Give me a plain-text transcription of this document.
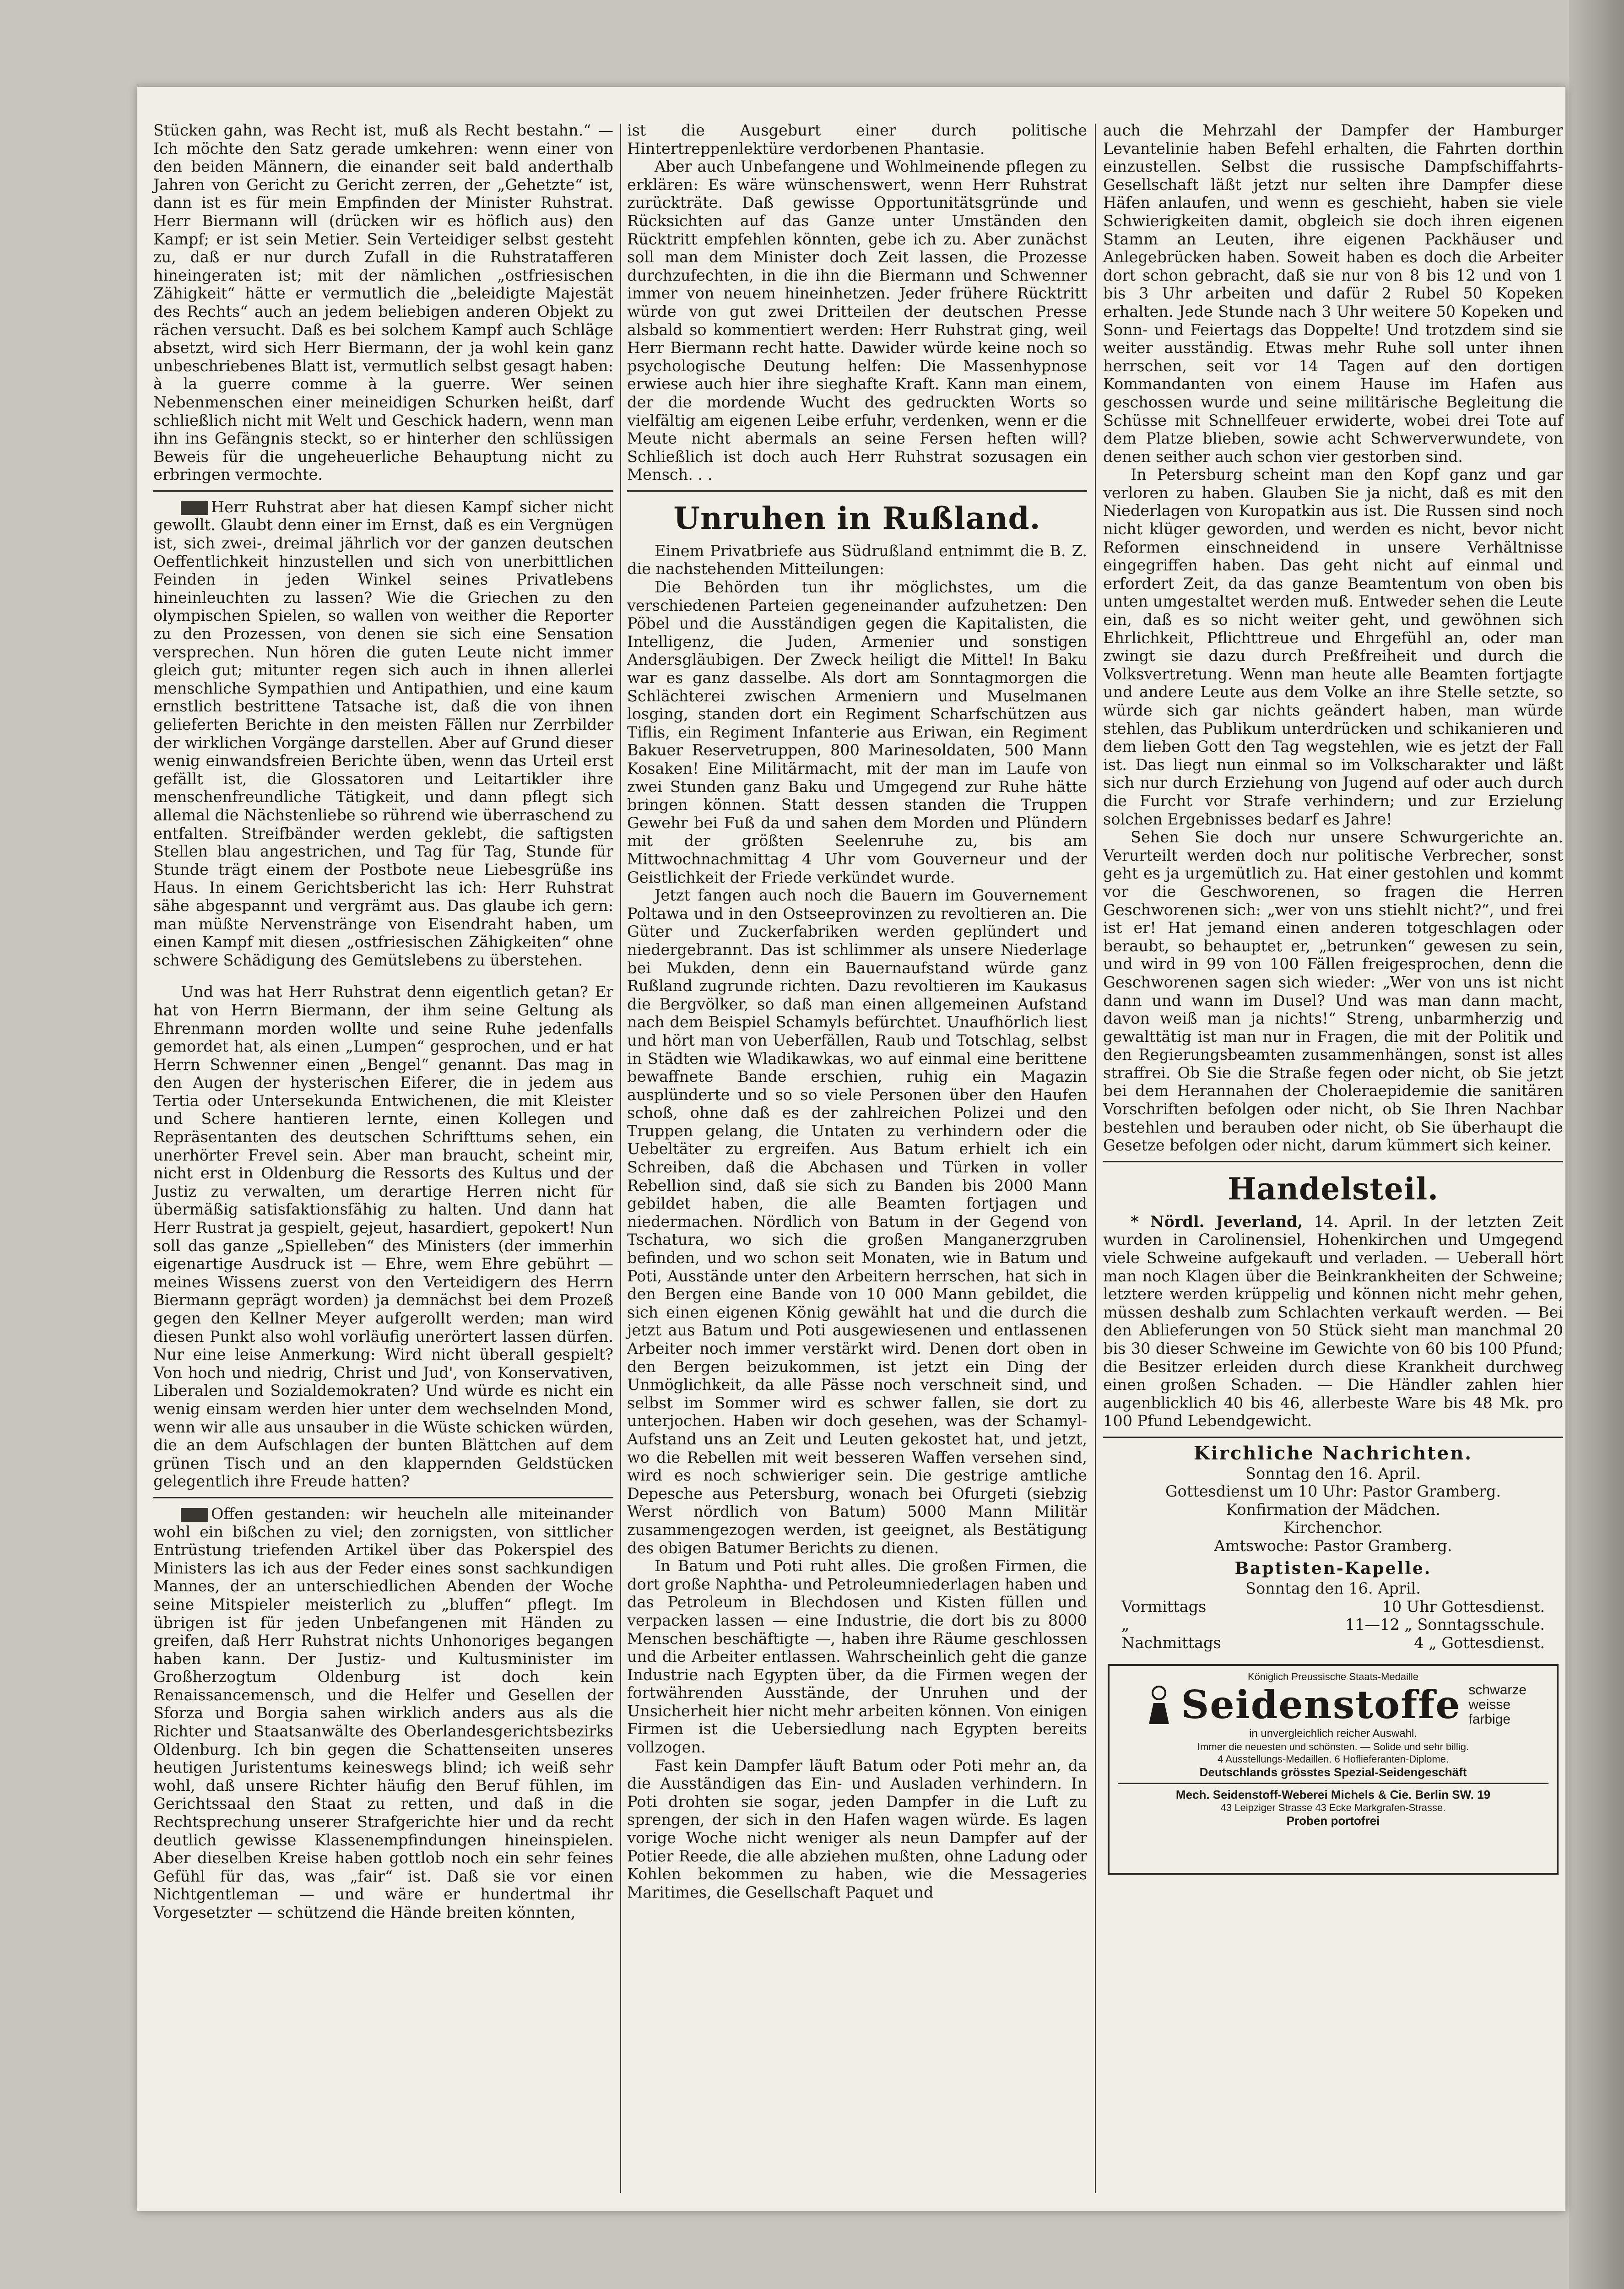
Stücken gahn, was Recht ist, muß als Recht bestahn.“ — Ich möchte den Satz gerade umkehren: wenn einer von den beiden Männern, die einander seit bald anderthalb Jahren von Gericht zu Gericht zerren, der „Gehetzte“ ist, dann ist es für mein Empfinden der Minister Ruhstrat. Herr Biermann will (drücken wir es höflich aus) den Kampf; er ist sein Metier. Sein Verteidiger selbst gesteht zu, daß er nur durch Zufall in die Ruhstratafferen hineingeraten ist; mit der nämlichen „ostfriesischen Zähigkeit“ hätte er vermutlich die „beleidigte Majestät des Rechts“ auch an jedem beliebigen anderen Objekt zu rächen versucht. Daß es bei solchem Kampf auch Schläge absetzt, wird sich Herr Biermann, der ja wohl kein ganz unbeschriebenes Blatt ist, vermutlich selbst gesagt haben: à la guerre comme à la guerre. Wer seinen Nebenmenschen einer meineidigen Schurken heißt, darf schließlich nicht mit Welt und Geschick hadern, wenn man ihn ins Gefängnis steckt, so er hinterher den schlüssigen Beweis für die ungeheuerliche Behauptung nicht zu erbringen vermochte.

Herr Ruhstrat aber hat diesen Kampf sicher nicht gewollt. Glaubt denn einer im Ernst, daß es ein Vergnügen ist, sich zwei-, dreimal jährlich vor der ganzen deutschen Oeffentlichkeit hinzustellen und sich von unerbittlichen Feinden in jeden Winkel seines Privatlebens hineinleuchten zu lassen? Wie die Griechen zu den olympischen Spielen, so wallen von weither die Reporter zu den Prozessen, von denen sie sich eine Sensation versprechen. Nun hören die guten Leute nicht immer gleich gut; mitunter regen sich auch in ihnen allerlei menschliche Sympathien und Antipathien, und eine kaum ernstlich bestrittene Tatsache ist, daß die von ihnen gelieferten Berichte in den meisten Fällen nur Zerrbilder der wirklichen Vorgänge darstellen. Aber auf Grund dieser wenig einwandsfreien Berichte üben, wenn das Urteil erst gefällt ist, die Glossatoren und Leitartikler ihre menschenfreundliche Tätigkeit, und dann pflegt sich allemal die Nächstenliebe so rührend wie überraschend zu entfalten. Streifbänder werden geklebt, die saftigsten Stellen blau angestrichen, und Tag für Tag, Stunde für Stunde trägt einem der Postbote neue Liebesgrüße ins Haus. In einem Gerichtsbericht las ich: Herr Ruhstrat sähe abgespannt und vergrämt aus. Das glaube ich gern: man müßte Nervenstränge von Eisendraht haben, um einen Kampf mit diesen „ostfriesischen Zähigkeiten“ ohne schwere Schädigung des Gemütslebens zu überstehen.

Und was hat Herr Ruhstrat denn eigentlich getan? Er hat von Herrn Biermann, der ihm seine Geltung als Ehrenmann morden wollte und seine Ruhe jedenfalls gemordet hat, als einen „Lumpen“ gesprochen, und er hat Herrn Schwenner einen „Bengel“ genannt. Das mag in den Augen der hysterischen Eiferer, die in jedem aus Tertia oder Untersekunda Entwichenen, die mit Kleister und Schere hantieren lernte, einen Kollegen und Repräsentanten des deutschen Schrifttums sehen, ein unerhörter Frevel sein. Aber man braucht, scheint mir, nicht erst in Oldenburg die Ressorts des Kultus und der Justiz zu verwalten, um derartige Herren nicht für übermäßig satisfaktionsfähig zu halten. Und dann hat Herr Rustrat ja gespielt, gejeut, hasardiert, gepokert! Nun soll das ganze „Spielleben“ des Ministers (der immerhin eigenartige Ausdruck ist — Ehre, wem Ehre gebührt — meines Wissens zuerst von den Verteidigern des Herrn Biermann geprägt worden) ja demnächst bei dem Prozeß gegen den Kellner Meyer aufgerollt werden; man wird diesen Punkt also wohl vorläufig unerörtert lassen dürfen. Nur eine leise Anmerkung: Wird nicht überall gespielt? Von hoch und niedrig, Christ und Jud', von Konservativen, Liberalen und Sozialdemokraten? Und würde es nicht ein wenig einsam werden hier unter dem wechselnden Mond, wenn wir alle aus unsauber in die Wüste schicken würden, die an dem Aufschlagen der bunten Blättchen auf dem grünen Tisch und an den klappernden Geldstücken gelegentlich ihre Freude hatten?

Offen gestanden: wir heucheln alle miteinander wohl ein bißchen zu viel; den zornigsten, von sittlicher Entrüstung triefenden Artikel über das Pokerspiel des Ministers las ich aus der Feder eines sonst sachkundigen Mannes, der an unterschiedlichen Abenden der Woche seine Mitspieler meisterlich zu „bluffen“ pflegt. Im übrigen ist für jeden Unbefangenen mit Händen zu greifen, daß Herr Ruhstrat nichts Unhonoriges begangen haben kann. Der Justiz- und Kultusminister im Großherzogtum Oldenburg ist doch kein Renaissancemensch, und die Helfer und Gesellen der Sforza und Borgia sahen wirklich anders aus als die Richter und Staatsanwälte des Oberlandesgerichtsbezirks Oldenburg. Ich bin gegen die Schattenseiten unseres heutigen Juristentums keineswegs blind; ich weiß sehr wohl, daß unsere Richter häufig den Beruf fühlen, im Gerichtssaal den Staat zu retten, und daß in die Rechtsprechung unserer Strafgerichte hier und da recht deutlich gewisse Klassenempfindungen hineinspielen. Aber dieselben Kreise haben gottlob noch ein sehr feines Gefühl für das, was „fair“ ist. Daß sie vor einen Nichtgentleman — und wäre er hundertmal ihr Vorgesetzter — schützend die Hände breiten könnten,

ist die Ausgeburt einer durch politische Hintertreppenlektüre verdorbenen Phantasie.

Aber auch Unbefangene und Wohlmeinende pflegen zu erklären: Es wäre wünschenswert, wenn Herr Ruhstrat zurückträte. Daß gewisse Opportunitätsgründe und Rücksichten auf das Ganze unter Umständen den Rücktritt empfehlen könnten, gebe ich zu. Aber zunächst soll man dem Minister doch Zeit lassen, die Prozesse durchzufechten, in die ihn die Biermann und Schwenner immer von neuem hineinhetzen. Jeder frühere Rücktritt würde von gut zwei Dritteilen der deutschen Presse alsbald so kommentiert werden: Herr Ruhstrat ging, weil Herr Biermann recht hatte. Dawider würde keine noch so psychologische Deutung helfen: Die Massenhypnose erwiese auch hier ihre sieghafte Kraft. Kann man einem, der die mordende Wucht des gedruckten Worts so vielfältig am eigenen Leibe erfuhr, verdenken, wenn er die Meute nicht abermals an seine Fersen heften will? Schließlich ist doch auch Herr Ruhstrat sozusagen ein Mensch. . .

Unruhen in Rußland.

Einem Privatbriefe aus Südrußland entnimmt die B. Z. die nachstehenden Mitteilungen:

Die Behörden tun ihr möglichstes, um die verschiedenen Parteien gegeneinander aufzuhetzen: Den Pöbel und die Ausständigen gegen die Kapitalisten, die Intelligenz, die Juden, Armenier und sonstigen Andersgläubigen. Der Zweck heiligt die Mittel! In Baku war es ganz dasselbe. Als dort am Sonntagmorgen die Schlächterei zwischen Armeniern und Muselmanen losging, standen dort ein Regiment Scharfschützen aus Tiflis, ein Regiment Infanterie aus Eriwan, ein Regiment Bakuer Reservetruppen, 800 Marinesoldaten, 500 Mann Kosaken! Eine Militärmacht, mit der man im Laufe von zwei Stunden ganz Baku und Umgegend zur Ruhe hätte bringen können. Statt dessen standen die Truppen Gewehr bei Fuß da und sahen dem Morden und Plündern mit der größten Seelenruhe zu, bis am Mittwochnachmittag 4 Uhr vom Gouverneur und der Geistlichkeit der Friede verkündet wurde.

Jetzt fangen auch noch die Bauern im Gouvernement Poltawa und in den Ostseeprovinzen zu revoltieren an. Die Güter und Zuckerfabriken werden geplündert und niedergebrannt. Das ist schlimmer als unsere Niederlage bei Mukden, denn ein Bauernaufstand würde ganz Rußland zugrunde richten. Dazu revoltieren im Kaukasus die Bergvölker, so daß man einen allgemeinen Aufstand nach dem Beispiel Schamyls befürchtet. Unaufhörlich liest und hört man von Ueberfällen, Raub und Totschlag, selbst in Städten wie Wladikawkas, wo auf einmal eine berittene bewaffnete Bande erschien, ruhig ein Magazin ausplünderte und so so viele Personen über den Haufen schoß, ohne daß es der zahlreichen Polizei und den Truppen gelang, die Untaten zu verhindern oder die Uebeltäter zu ergreifen. Aus Batum erhielt ich ein Schreiben, daß die Abchasen und Türken in voller Rebellion sind, daß sie sich zu Banden bis 2000 Mann gebildet haben, die alle Beamten fortjagen und niedermachen. Nördlich von Batum in der Gegend von Tschatura, wo sich die großen Manganerzgruben befinden, und wo schon seit Monaten, wie in Batum und Poti, Ausstände unter den Arbeitern herrschen, hat sich in den Bergen eine Bande von 10 000 Mann gebildet, die sich einen eigenen König gewählt hat und die durch die jetzt aus Batum und Poti ausgewiesenen und entlassenen Arbeiter noch immer verstärkt wird. Denen dort oben in den Bergen beizukommen, ist jetzt ein Ding der Unmöglichkeit, da alle Pässe noch verschneit sind, und selbst im Sommer wird es schwer fallen, sie dort zu unterjochen. Haben wir doch gesehen, was der Schamyl-Aufstand uns an Zeit und Leuten gekostet hat, und jetzt, wo die Rebellen mit weit besseren Waffen versehen sind, wird es noch schwieriger sein. Die gestrige amtliche Depesche aus Petersburg, wonach bei Ofurgeti (siebzig Werst nördlich von Batum) 5000 Mann Militär zusammengezogen werden, ist geeignet, als Bestätigung des obigen Batumer Berichts zu dienen.

In Batum und Poti ruht alles. Die großen Firmen, die dort große Naphtha- und Petroleumniederlagen haben und das Petroleum in Blechdosen und Kisten füllen und verpacken lassen — eine Industrie, die dort bis zu 8000 Menschen beschäftigte —, haben ihre Räume geschlossen und die Arbeiter entlassen. Wahrscheinlich geht die ganze Industrie nach Egypten über, da die Firmen wegen der fortwährenden Ausstände, der Unruhen und der Unsicherheit hier nicht mehr arbeiten können. Von einigen Firmen ist die Uebersiedlung nach Egypten bereits vollzogen.

Fast kein Dampfer läuft Batum oder Poti mehr an, da die Ausständigen das Ein- und Ausladen verhindern. In Poti drohten sie sogar, jeden Dampfer in die Luft zu sprengen, der sich in den Hafen wagen würde. Es lagen vorige Woche nicht weniger als neun Dampfer auf der Potier Reede, die alle abziehen mußten, ohne Ladung oder Kohlen bekommen zu haben, wie die Messageries Maritimes, die Gesellschaft Paquet und

auch die Mehrzahl der Dampfer der Hamburger Levantelinie haben Befehl erhalten, die Fahrten dorthin einzustellen. Selbst die russische Dampfschiffahrts-Gesellschaft läßt jetzt nur selten ihre Dampfer diese Häfen anlaufen, und wenn es geschieht, haben sie viele Schwierigkeiten damit, obgleich sie doch ihren eigenen Stamm an Leuten, ihre eigenen Packhäuser und Anlegebrücken haben. Soweit haben es doch die Arbeiter dort schon gebracht, daß sie nur von 8 bis 12 und von 1 bis 3 Uhr arbeiten und dafür 2 Rubel 50 Kopeken erhalten. Jede Stunde nach 3 Uhr weitere 50 Kopeken und Sonn- und Feiertags das Doppelte! Und trotzdem sind sie weiter ausständig. Etwas mehr Ruhe soll unter ihnen herrschen, seit vor 14 Tagen auf den dortigen Kommandanten von einem Hause im Hafen aus geschossen wurde und seine militärische Begleitung die Schüsse mit Schnellfeuer erwiderte, wobei drei Tote auf dem Platze blieben, sowie acht Schwerverwundete, von denen seither auch schon vier gestorben sind.

In Petersburg scheint man den Kopf ganz und gar verloren zu haben. Glauben Sie ja nicht, daß es mit den Niederlagen von Kuropatkin aus ist. Die Russen sind noch nicht klüger geworden, und werden es nicht, bevor nicht Reformen einschneidend in unsere Verhältnisse eingegriffen haben. Das geht nicht auf einmal und erfordert Zeit, da das ganze Beamtentum von oben bis unten umgestaltet werden muß. Entweder sehen die Leute ein, daß es so nicht weiter geht, und gewöhnen sich Ehrlichkeit, Pflichttreue und Ehrgefühl an, oder man zwingt sie dazu durch Preßfreiheit und durch die Volksvertretung. Wenn man heute alle Beamten fortjagte und andere Leute aus dem Volke an ihre Stelle setzte, so würde sich gar nichts geändert haben, man würde stehlen, das Publikum unterdrücken und schikanieren und dem lieben Gott den Tag wegstehlen, wie es jetzt der Fall ist. Das liegt nun einmal so im Volkscharakter und läßt sich nur durch Erziehung von Jugend auf oder auch durch die Furcht vor Strafe verhindern; und zur Erzielung solchen Ergebnisses bedarf es Jahre!

Sehen Sie doch nur unsere Schwurgerichte an. Verurteilt werden doch nur politische Verbrecher, sonst geht es ja urgemütlich zu. Hat einer gestohlen und kommt vor die Geschworenen, so fragen die Herren Geschworenen sich: „wer von uns stiehlt nicht?“, und frei ist er! Hat jemand einen anderen totgeschlagen oder beraubt, so behauptet er, „betrunken“ gewesen zu sein, und wird in 99 von 100 Fällen freigesprochen, denn die Geschworenen sagen sich wieder: „Wer von uns ist nicht dann und wann im Dusel? Und was man dann macht, davon weiß man ja nichts!“ Streng, unbarmherzig und gewalttätig ist man nur in Fragen, die mit der Politik und den Regierungsbeamten zusammenhängen, sonst ist alles straffrei. Ob Sie die Straße fegen oder nicht, ob Sie jetzt bei dem Herannahen der Choleraepidemie die sanitären Vorschriften befolgen oder nicht, ob Sie Ihren Nachbar bestehlen und berauben oder nicht, ob Sie überhaupt die Gesetze befolgen oder nicht, darum kümmert sich keiner.

Handelsteil.

* Nördl. Jeverland, 14. April. In der letzten Zeit wurden in Carolinensiel, Hohenkirchen und Umgegend viele Schweine aufgekauft und verladen. — Ueberall hört man noch Klagen über die Beinkrankheiten der Schweine; letztere werden krüppelig und können nicht mehr gehen, müssen deshalb zum Schlachten verkauft werden. — Bei den Ablieferungen von 50 Stück sieht man manchmal 20 bis 30 dieser Schweine im Gewichte von 60 bis 100 Pfund; die Besitzer erleiden durch diese Krankheit durchweg einen großen Schaden. — Die Händler zahlen hier augenblicklich 40 bis 46, allerbeste Ware bis 48 Mk. pro 100 Pfund Lebendgewicht.

Kirchliche Nachrichten.
Sonntag den 16. April.
Gottesdienst um 10 Uhr: Pastor Gramberg.
Konfirmation der Mädchen.
Kirchenchor.
Amtswoche: Pastor Gramberg.
Baptisten-Kapelle.
Sonntag den 16. April.
Vormittags	10 Uhr Gottesdienst.
„	11—12 „ Sonntagsschule.
Nachmittags	4 „ Gottesdienst.
Königlich Preussische Staats-Medaille
Seidenstoffe schwarze
weisse
farbige
in unvergleichlich reicher Auswahl.
Immer die neuesten und schönsten. — Solide und sehr billig.
4 Ausstellungs-Medaillen. 6 Hoflieferanten-Diplome.
Deutschlands grösstes Spezial-Seidengeschäft
Mech. Seidenstoff-Weberei Michels & Cie. Berlin SW. 19
43 Leipziger Strasse 43 Ecke Markgrafen-Strasse.
Proben portofrei
